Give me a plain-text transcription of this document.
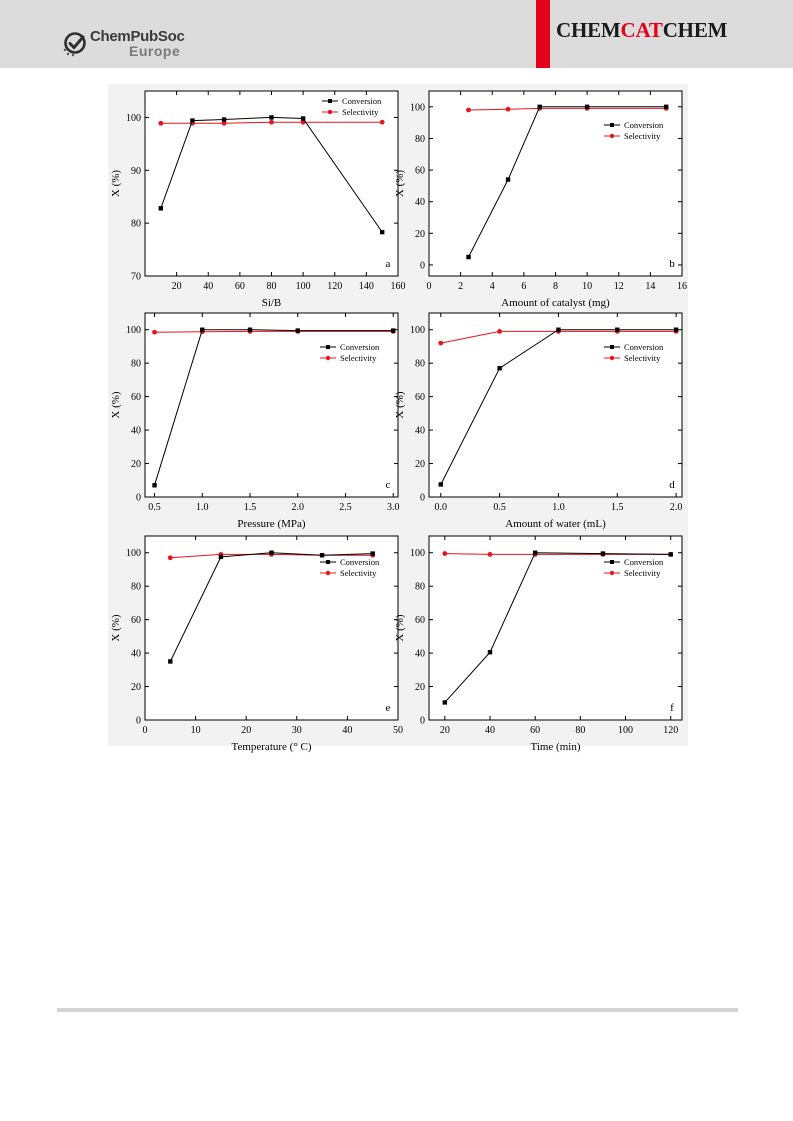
ChemPubSoc
Europe
CHEMCATCHEM
20 40 60 80 100 120 140 160
70
80
90
100
Si/B
X (%)
a
Conversion
Selectivity
0	2	4	6	8 10 12 14 16
0
20
40
60
80
100
Amount of catalyst (mg)
X (%)
b
Conversion
Selectivity
0.5	1.0	1.5	2.0	2.5	3.0
0
20
40
60
80
100
Pressure (MPa)
X (%)
c
Conversion
Selectivity
0.0	0.5	1.0	1.5	2.0
0
20
40
60
80
100
Amount of water (mL)
X (%)
d
Conversion
Selectivity
0	10	20	30	40	50
0
20
40
60
80
100
Temperature (° C)
X (%)
e
Conversion
Selectivity
20	40	60	80	100	120
0
20
40
60
80
100
Time (min)
X (%)
f
Conversion
Selectivity
